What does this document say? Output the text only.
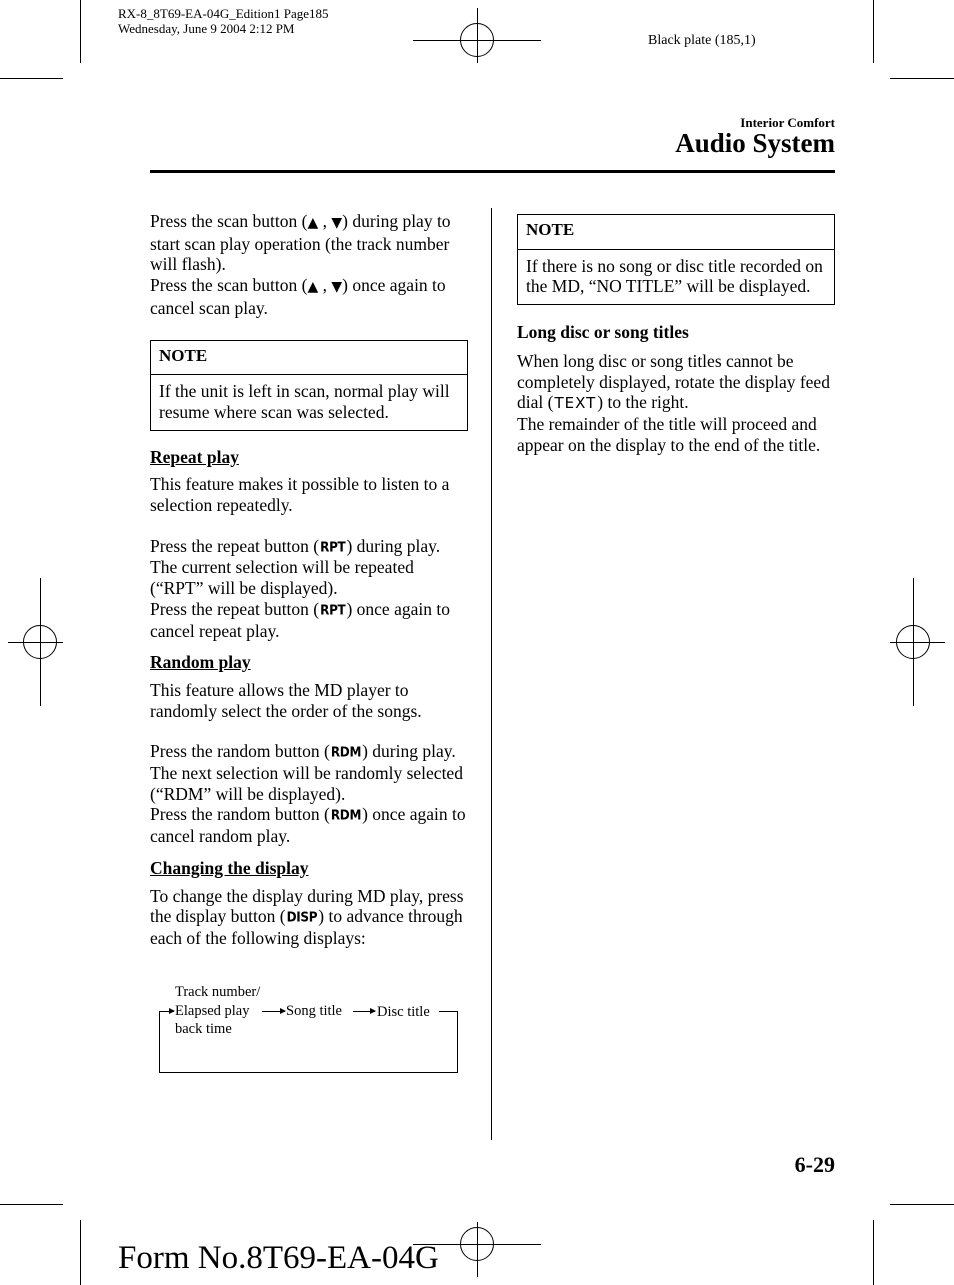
RX-8_8T69-EA-04G_Edition1 Page185
Wednesday, June 9 2004 2:12 PM
Black plate (185,1)
Interior Comfort
Audio System

Press the scan button (▲ , ▼) during play to start scan play operation (the track number will flash).
Press the scan button (▲ , ▼) once again to cancel scan play.

NOTE
If the unit is left in scan, normal play will resume where scan was selected.

Repeat play

This feature makes it possible to listen to a selection repeatedly.

Press the repeat button (RPT) during play. The current selection will be repeated (“RPT” will be displayed).
Press the repeat button (RPT) once again to cancel repeat play.

Random play

This feature allows the MD player to randomly select the order of the songs.

Press the random button (RDM) during play. The next selection will be randomly selected (“RDM” will be displayed).
Press the random button (RDM) once again to cancel random play.

Changing the display

To change the display during MD play, press the display button (DISP) to advance through each of the following displays:

Track number/
Elapsed play
back time
Song title Disc title
NOTE
If there is no song or disc title recorded on the MD, “NO TITLE” will be displayed.

Long disc or song titles

When long disc or song titles cannot be completely displayed, rotate the display feed dial (TEXT) to the right.
The remainder of the title will proceed and appear on the display to the end of the title.

6-29
Form No.8T69-EA-04G
